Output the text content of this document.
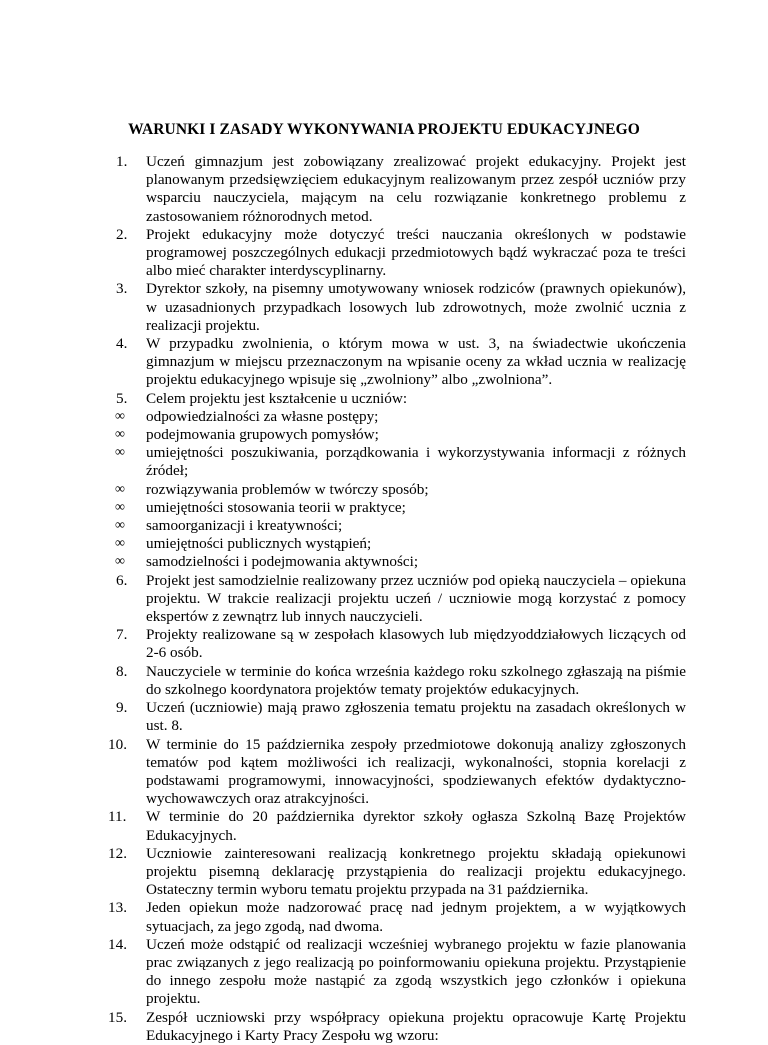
WARUNKI I ZASADY WYKONYWANIA PROJEKTU EDUKACYJNEGO
1.	Uczeń gimnazjum jest zobowiązany zrealizować projekt edukacyjny. Projekt jest planowanym przedsięwzięciem edukacyjnym realizowanym przez zespół uczniów przy wsparciu nauczyciela, mającym na celu rozwiązanie konkretnego problemu z zastosowaniem różnorodnych metod.
2.	Projekt edukacyjny może dotyczyć treści nauczania określonych w podstawie programowej poszczególnych edukacji przedmiotowych bądź wykraczać poza te treści albo mieć charakter interdyscyplinarny.
3.	Dyrektor szkoły, na pisemny umotywowany wniosek rodziców (prawnych opiekunów), w uzasadnionych przypadkach losowych lub zdrowotnych, może zwolnić ucznia z realizacji projektu.
4.	W przypadku zwolnienia, o którym mowa w ust. 3, na świadectwie ukończenia gimnazjum w miejscu przeznaczonym na wpisanie oceny za wkład ucznia w realizację projektu edukacyjnego wpisuje się „zwolniony” albo „zwolniona”.
5.	Celem projektu jest kształcenie u uczniów:
∞	odpowiedzialności za własne postępy;
∞	podejmowania grupowych pomysłów;
∞	umiejętności poszukiwania, porządkowania i wykorzystywania informacji z różnych źródeł;
∞	rozwiązywania problemów w twórczy sposób;
∞	umiejętności stosowania teorii w praktyce;
∞	samoorganizacji i kreatywności;
∞	umiejętności publicznych wystąpień;
∞	samodzielności i podejmowania aktywności;
6.	Projekt jest samodzielnie realizowany przez uczniów pod opieką nauczyciela – opiekuna projektu. W trakcie realizacji projektu uczeń / uczniowie mogą korzystać z pomocy ekspertów z zewnątrz lub innych nauczycieli.
7.	Projekty realizowane są w zespołach klasowych lub międzyoddziałowych liczących od 2-6 osób.
8.	Nauczyciele w terminie do końca września każdego roku szkolnego zgłaszają na piśmie do szkolnego koordynatora projektów tematy projektów edukacyjnych.
9.	Uczeń (uczniowie) mają prawo zgłoszenia tematu projektu na zasadach określonych w ust. 8.
10.	W terminie do 15 października zespoły przedmiotowe dokonują analizy zgłoszonych tematów pod kątem możliwości ich realizacji, wykonalności, stopnia korelacji z podstawami programowymi, innowacyjności, spodziewanych efektów dydaktyczno-wychowawczych oraz atrakcyjności.
11.	W terminie do 20 października dyrektor szkoły ogłasza Szkolną Bazę Projektów Edukacyjnych.
12.	Uczniowie zainteresowani realizacją konkretnego projektu składają opiekunowi projektu pisemną deklarację przystąpienia do realizacji projektu edukacyjnego. Ostateczny termin wyboru tematu projektu przypada na 31 października.
13.	Jeden opiekun może nadzorować pracę nad jednym projektem, a w wyjątkowych sytuacjach, za jego zgodą, nad dwoma.
14.	Uczeń może odstąpić od realizacji wcześniej wybranego projektu w fazie planowania prac związanych z jego realizacją po poinformowaniu opiekuna projektu. Przystąpienie do innego zespołu może nastąpić za zgodą wszystkich jego członków i opiekuna projektu.
15.	Zespół uczniowski przy współpracy opiekuna projektu opracowuje Kartę Projektu Edukacyjnego i Karty Pracy Zespołu wg wzoru:
